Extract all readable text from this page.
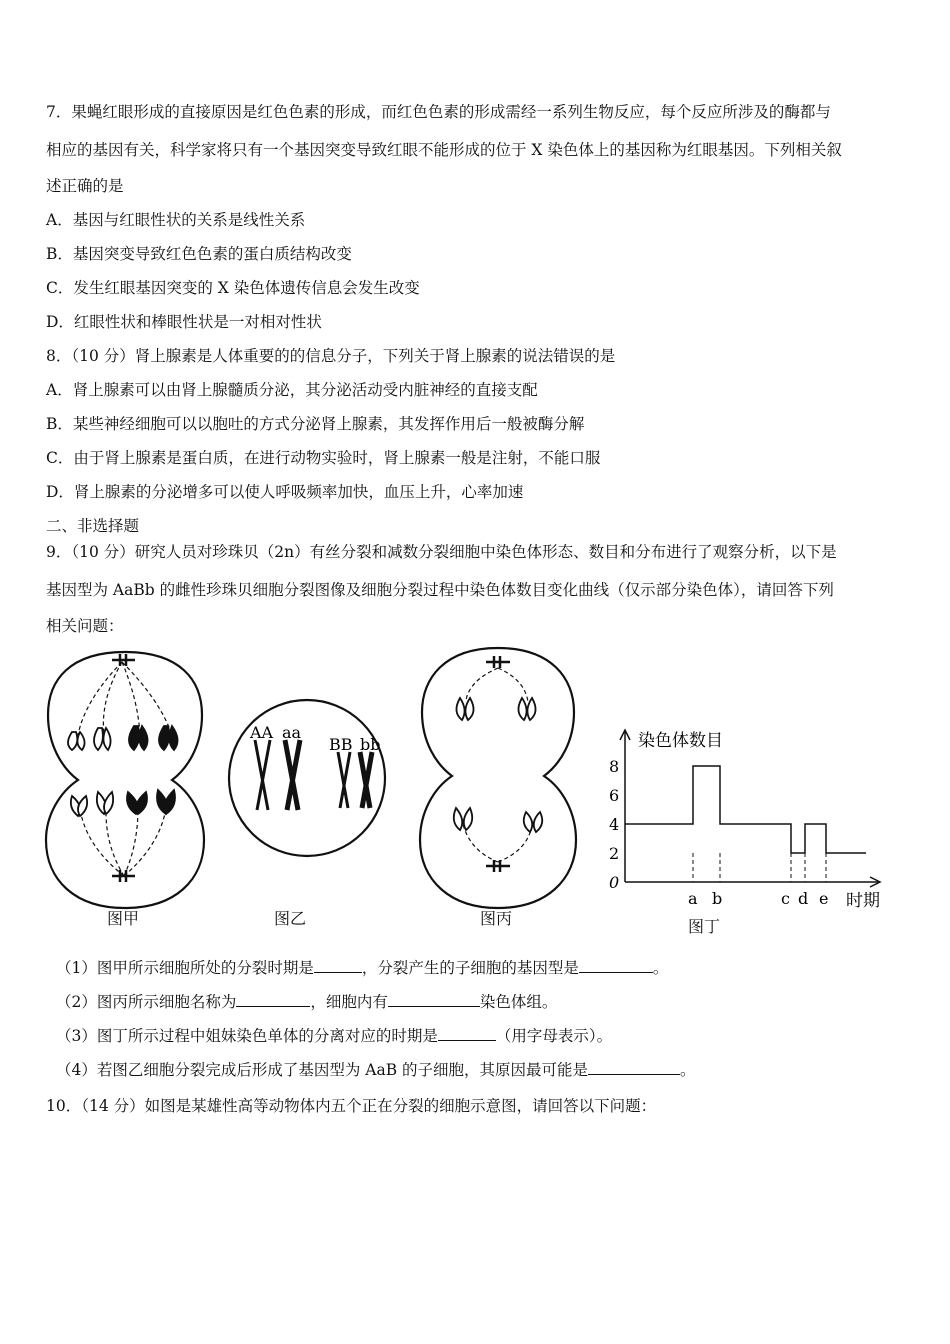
7．果蝇红眼形成的直接原因是红色色素的形成，而红色色素的形成需经一系列生物反应，每个反应所涉及的酶都与
相应的基因有关，科学家将只有一个基因突变导致红眼不能形成的位于 X 染色体上的基因称为红眼基因。下列相关叙
述正确的是
A．基因与红眼性状的关系是线性关系
B．基因突变导致红色色素的蛋白质结构改变
C．发生红眼基因突变的 X 染色体遗传信息会发生改变
D．红眼性状和棒眼性状是一对相对性状
8．（10 分）肾上腺素是人体重要的的信息分子，下列关于肾上腺素的说法错误的是
A．肾上腺素可以由肾上腺髓质分泌，其分泌活动受内脏神经的直接支配
B．某些神经细胞可以以胞吐的方式分泌肾上腺素，其发挥作用后一般被酶分解
C．由于肾上腺素是蛋白质，在进行动物实验时，肾上腺素一般是注射，不能口服
D．肾上腺素的分泌增多可以使人呼吸频率加快，血压上升，心率加速
二、非选择题
9．（10 分）研究人员对珍珠贝（2n）有丝分裂和减数分裂细胞中染色体形态、数目和分布进行了观察分析，以下是
基因型为 AaBb 的雌性珍珠贝细胞分裂图像及细胞分裂过程中染色体数目变化曲线（仅示部分染色体），请回答下列
相关问题：
AA aa
BB bb
8
6
4
2
0
a b	c d e
染色体数目
时期
图甲	图乙	图丙	图丁
（1）图甲所示细胞所处的分裂时期是	，分裂产生的子细胞的基因型是	。
（2）图丙所示细胞名称为	，细胞内有	染色体组。
（3）图丁所示过程中姐妹染色单体的分离对应的时期是	（用字母表示）。
（4）若图乙细胞分裂完成后形成了基因型为 AaB 的子细胞，其原因最可能是	。
10．（14 分）如图是某雄性高等动物体内五个正在分裂的细胞示意图，请回答以下问题：
